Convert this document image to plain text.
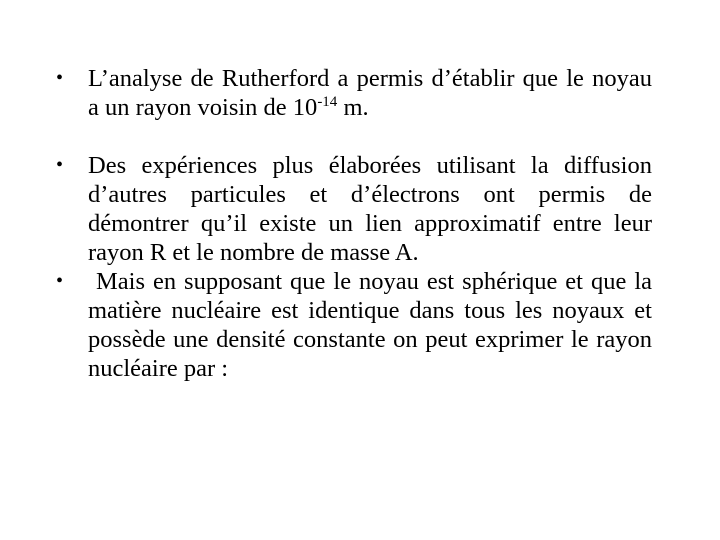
•	L’analyse de Rutherford a permis d’établir que le noyau a un rayon voisin de $10^{-14}$ m.
•	Des expériences plus élaborées utilisant la diffusion d’autres particules et d’électrons ont permis de démontrer qu’il existe un lien approximatif entre leur rayon R et le nombre de masse A.
•	Mais en supposant que le noyau est sphérique et que la matière nucléaire est identique dans tous les noyaux et possède une densité constante on peut exprimer le rayon nucléaire par :
